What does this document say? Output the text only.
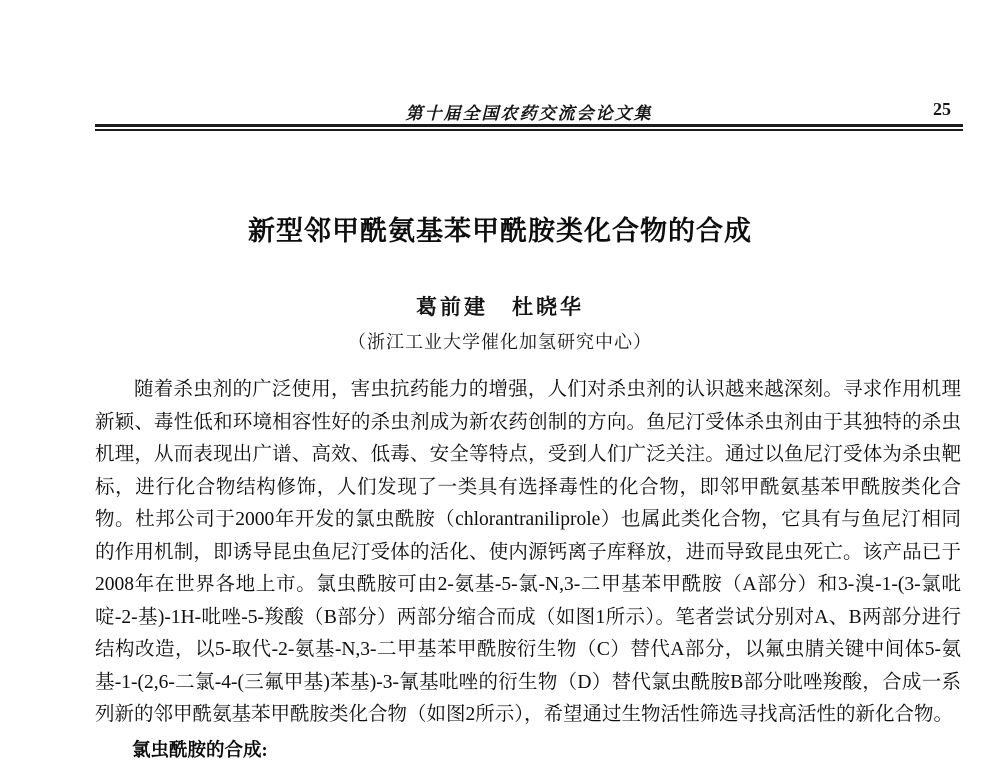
第十届全国农药交流会论文集	25
新型邻甲酰氨基苯甲酰胺类化合物的合成
葛前建　杜晓华
（浙江工业大学催化加氢研究中心）

随着杀虫剂的广泛使用，害虫抗药能力的增强，人们对杀虫剂的认识越来越深刻。寻求作用机理新颖、毒性低和环境相容性好的杀虫剂成为新农药创制的方向。鱼尼汀受体杀虫剂由于其独特的杀虫机理，从而表现出广谱、高效、低毒、安全等特点，受到人们广泛关注。通过以鱼尼汀受体为杀虫靶标，进行化合物结构修饰，人们发现了一类具有选择毒性的化合物，即邻甲酰氨基苯甲酰胺类化合物。杜邦公司于2000年开发的氯虫酰胺（chlorantraniliprole）也属此类化合物，它具有与鱼尼汀相同的作用机制，即诱导昆虫鱼尼汀受体的活化、使内源钙离子库释放，进而导致昆虫死亡。该产品已于2008年在世界各地上市。氯虫酰胺可由2-氨基-5-氯-N,3-二甲基苯甲酰胺（A部分）和3-溴-1-(3-氯吡啶-2-基)-1H-吡唑-5-羧酸（B部分）两部分缩合而成（如图1所示）。笔者尝试分别对A、B两部分进行结构改造，以5-取代-2-氨基-N,3-二甲基苯甲酰胺衍生物（C）替代A部分，以氟虫腈关键中间体5-氨基-1-(2,6-二氯-4-(三氟甲基)苯基)-3-氰基吡唑的衍生物（D）替代氯虫酰胺B部分吡唑羧酸，合成一系列新的邻甲酰氨基苯甲酰胺类化合物（如图2所示），希望通过生物活性筛选寻找高活性的新化合物。

氯虫酰胺的合成:
